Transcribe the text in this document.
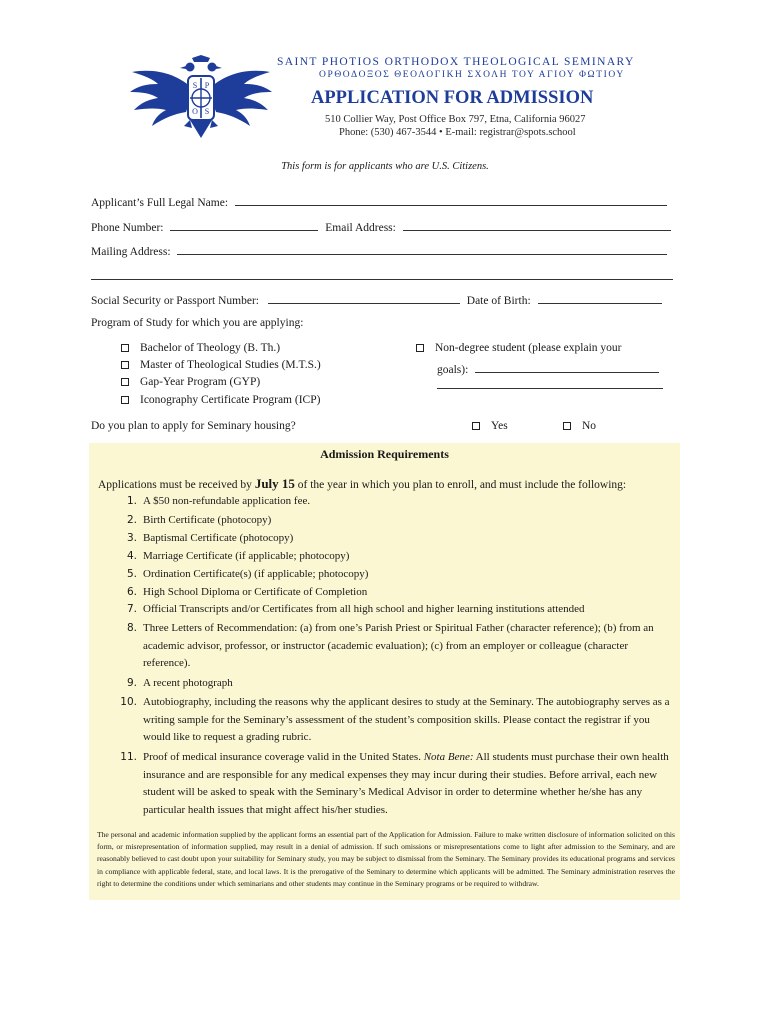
S P
O S
SAINT PHOTIOS ORTHODOX THEOLOGICAL SEMINARY
ΟΡΘΟΔΟΞΟΣ ΘΕΟΛΟΓΙΚΗ ΣΧΟΛΗ ΤΟΥ ΑΓΙΟΥ ΦΩΤΙΟΥ
APPLICATION FOR ADMISSION
510 Collier Way, Post Office Box 797, Etna, California 96027
Phone: (530) 467-3544 • E-mail: registrar@spots.school
This form is for applicants who are U.S. Citizens.
Applicant’s Full Legal Name:
Phone Number:	Email Address:
Mailing Address:
Social Security or Passport Number:	Date of Birth:
Program of Study for which you are applying:
Bachelor of Theology (B. Th.)
Master of Theological Studies (M.T.S.)
Gap-Year Program (GYP)
Iconography Certificate Program (ICP)
Non-degree student (please explain your
goals):
Do you plan to apply for Seminary housing?	Yes	No
Admission Requirements
Applications must be received by July 15 of the year in which you plan to enroll, and must include the following:
1. A $50 non-refundable application fee.
2. Birth Certificate (photocopy)
3. Baptismal Certificate (photocopy)
4. Marriage Certificate (if applicable; photocopy)
5. Ordination Certificate(s) (if applicable; photocopy)
6. High School Diploma or Certificate of Completion
7. Official Transcripts and/or Certificates from all high school and higher learning institutions attended
8. Three Letters of Recommendation: (a) from one’s Parish Priest or Spiritual Father (character reference); (b) from an academic advisor, professor, or instructor (academic evaluation); (c) from an employer or colleague (character reference).
9. A recent photograph
10. Autobiography, including the reasons why the applicant desires to study at the Seminary. The autobiography serves as a writing sample for the Seminary’s assessment of the student’s composition skills. Please contact the registrar if you would like to request a grading rubric.
11. Proof of medical insurance coverage valid in the United States. Nota Bene: All students must purchase their own health insurance and are responsible for any medical expenses they may incur during their studies. Before arrival, each new student will be asked to speak with the Seminary’s Medical Advisor in order to determine whether he/she has any particular health issues that might affect his/her studies.
The personal and academic information supplied by the applicant forms an essential part of the Application for Admission. Failure to make written disclosure of information solicited on this form, or misrepresentation of information supplied, may result in a denial of admission. If such omissions or misrepresentations come to light after admission to the Seminary, and are reasonably believed to cast doubt upon your suitability for Seminary study, you may be subject to dismissal from the Seminary. The Seminary provides its educational programs and services in compliance with applicable federal, state, and local laws. It is the prerogative of the Seminary to determine which applicants will be admitted. The Seminary administration reserves the right to determine the conditions under which seminarians and other students may continue in the Seminary programs or be required to withdraw.
